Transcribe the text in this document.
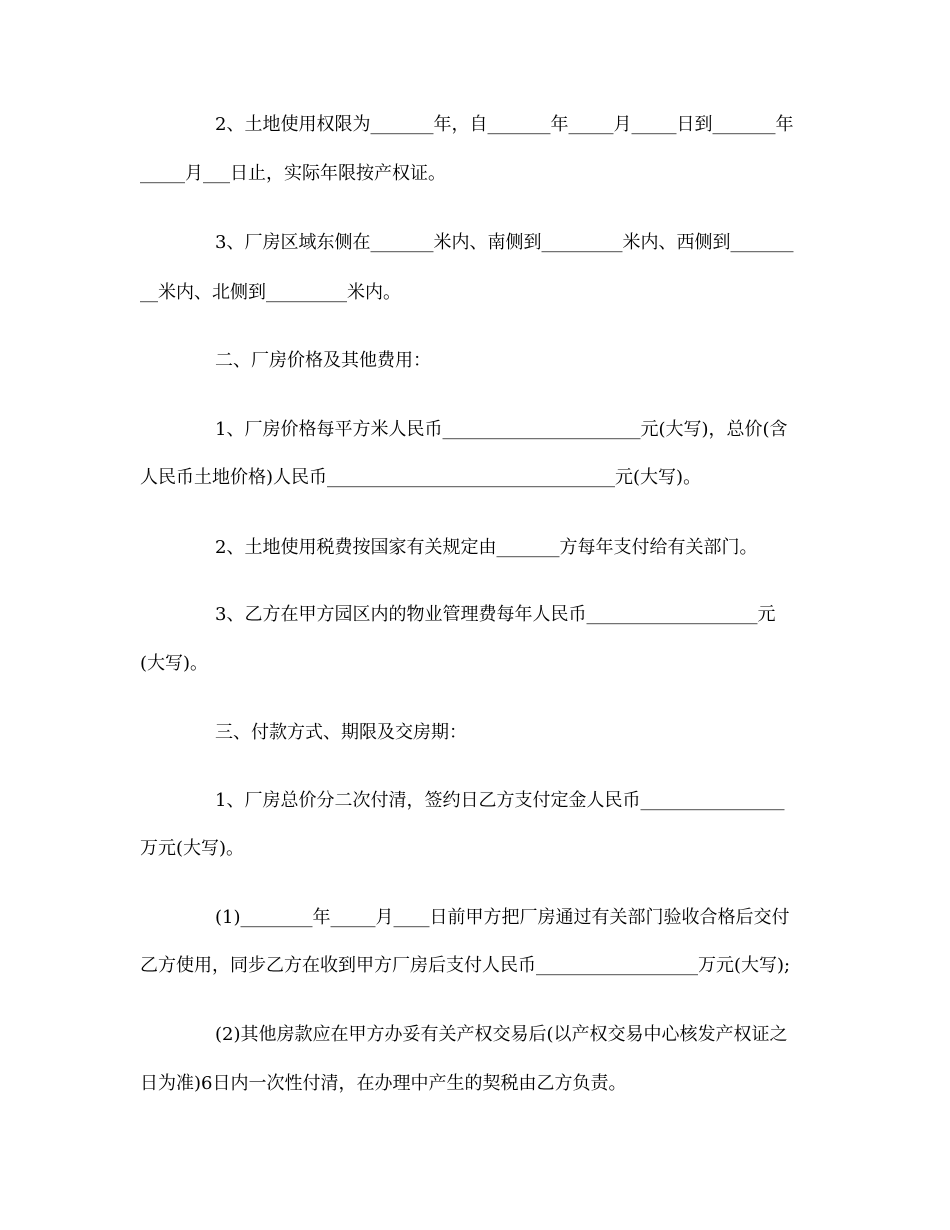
2、土地使用权限为_______年，自_______年_____月_____日到_______年
_____月___日止，实际年限按产权证。
3、厂房区域东侧在_______米内、南侧到_________米内、西侧到_______
__米内、北侧到_________米内。
二、厂房价格及其他费用：
1、厂房价格每平方米人民币______________________元(大写)，总价(含
人民币土地价格)人民币________________________________元(大写)。
2、土地使用税费按国家有关规定由_______方每年支付给有关部门。
3、乙方在甲方园区内的物业管理费每年人民币___________________元
(大写)。
三、付款方式、期限及交房期：
1、厂房总价分二次付清，签约日乙方支付定金人民币________________
万元(大写)。
(1)________年_____月____日前甲方把厂房通过有关部门验收合格后交付
乙方使用，同步乙方在收到甲方厂房后支付人民币__________________万元(大写);
(2)其他房款应在甲方办妥有关产权交易后(以产权交易中心核发产权证之
日为准)6日内一次性付清，在办理中产生的契税由乙方负责。
